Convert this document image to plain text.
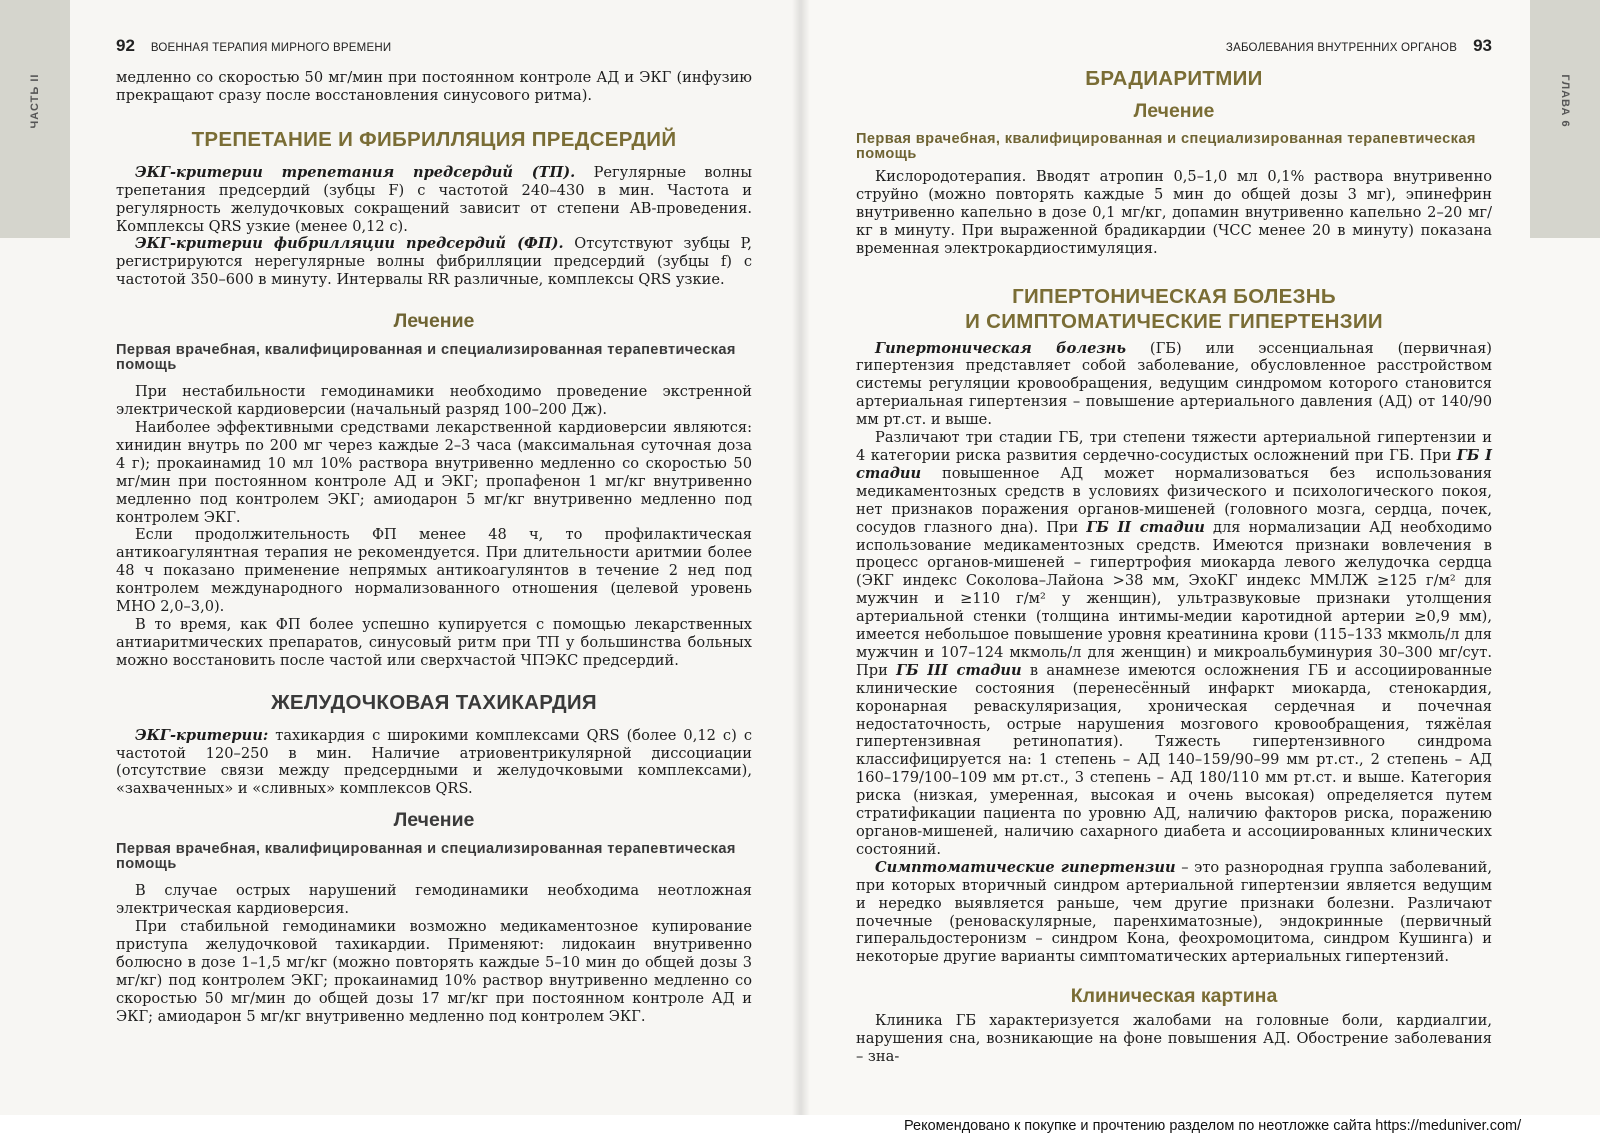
ЧАСТЬ II
92 ВОЕННАЯ ТЕРАПИЯ МИРНОГО ВРЕМЕНИ

медленно со скоростью 50 мг/мин при постоянном контроле АД и ЭКГ (инфузию прекращают сразу после восстановления синусового ритма).

ТРЕПЕТАНИЕ И ФИБРИЛЛЯЦИЯ ПРЕДСЕРДИЙ

ЭКГ-критерии трепетания предсердий (ТП). Регулярные волны трепетания предсердий (зубцы F) с частотой 240–430 в мин. Частота и регулярность желудочковых сокращений зависит от степени АВ-проведения. Комплексы QRS узкие (менее 0,12 с).

ЭКГ-критерии фибрилляции предсердий (ФП). Отсутствуют зубцы P, регистрируются нерегулярные волны фибрилляции предсердий (зубцы f) с частотой 350–600 в минуту. Интервалы RR различные, комплексы QRS узкие.

Лечение
Первая врачебная, квалифицированная и специализированная терапевтическая помощь

При нестабильности гемодинамики необходимо проведение экстренной электрической кардиоверсии (начальный разряд 100–200 Дж).

Наиболее эффективными средствами лекарственной кардиоверсии являются: хинидин внутрь по 200 мг через каждые 2–3 часа (максимальная суточная доза 4 г); прокаинамид 10 мл 10% раствора внутривенно медленно со скоростью 50 мг/мин при постоянном контроле АД и ЭКГ; пропафенон 1 мг/кг внутривенно медленно под контролем ЭКГ; амиодарон 5 мг/кг внутривенно медленно под контролем ЭКГ.

Если продолжительность ФП менее 48 ч, то профилактическая антикоагулянтная терапия не рекомендуется. При длительности аритмии более 48 ч показано применение непрямых антикоагулянтов в течение 2 нед под контролем международного нормализованного отношения (целевой уровень МНО 2,0–3,0).

В то время, как ФП более успешно купируется с помощью лекарственных антиаритмических препаратов, синусовый ритм при ТП у большинства больных можно восстановить после частой или сверхчастой ЧПЭКС предсердий.

ЖЕЛУДОЧКОВАЯ ТАХИКАРДИЯ

ЭКГ-критерии: тахикардия с широкими комплексами QRS (более 0,12 с) с частотой 120–250 в мин. Наличие атриовентрикулярной диссоциации (отсутствие связи между предсердными и желудочковыми комплексами), «захваченных» и «сливных» комплексов QRS.

Лечение
Первая врачебная, квалифицированная и специализированная терапевтическая помощь

В случае острых нарушений гемодинамики необходима неотложная электрическая кардиоверсия.

При стабильной гемодинамики возможно медикаментозное купирование приступа желудочковой тахикардии. Применяют: лидокаин внутривенно болюсно в дозе 1–1,5 мг/кг (можно повторять каждые 5–10 мин до общей дозы 3 мг/кг) под контролем ЭКГ; прокаинамид 10% раствор внутривенно медленно со скоростью 50 мг/мин до общей дозы 17 мг/кг при постоянном контроле АД и ЭКГ; амиодарон 5 мг/кг внутривенно медленно под контролем ЭКГ.

ГЛАВА 6
ЗАБОЛЕВАНИЯ ВНУТРЕННИХ ОРГАНОВ 93
БРАДИАРИТМИИ
Лечение
Первая врачебная, квалифицированная и специализированная терапевтическая помощь

Кислородотерапия. Вводят атропин 0,5–1,0 мл 0,1% раствора внутривенно струйно (можно повторять каждые 5 мин до общей дозы 3 мг), эпинефрин внутривенно капельно в дозе 0,1 мг/кг, допамин внутривенно капельно 2–20 мг/кг в минуту. При выраженной брадикардии (ЧСС менее 20 в минуту) показана временная электрокардиостимуляция.

ГИПЕРТОНИЧЕСКАЯ БОЛЕЗНЬ
И СИМПТОМАТИЧЕСКИЕ ГИПЕРТЕНЗИИ

Гипертоническая болезнь (ГБ) или эссенциальная (первичная) гипертензия представляет собой заболевание, обусловленное расстройством системы регуляции кровообращения, ведущим синдромом которого становится артериальная гипертензия – повышение артериального давления (АД) от 140/90 мм рт.ст. и выше.

Различают три стадии ГБ, три степени тяжести артериальной гипертензии и 4 категории риска развития сердечно-сосудистых осложнений при ГБ. При ГБ I стадии повышенное АД может нормализоваться без использования медикаментозных средств в условиях физического и психологического покоя, нет признаков поражения органов-мишеней (головного мозга, сердца, почек, сосудов глазного дна). При ГБ II стадии для нормализации АД необходимо использование медикаментозных средств. Имеются признаки вовлечения в процесс органов-мишеней – гипертрофия миокарда левого желудочка сердца (ЭКГ индекс Соколова–Лайона >38 мм, ЭхоКГ индекс ММЛЖ ≥125 г/м² для мужчин и ≥110 г/м² у женщин), ультразвуковые признаки утолщения артериальной стенки (толщина интимы-медии каротидной артерии ≥0,9 мм), имеется небольшое повышение уровня креатинина крови (115–133 мкмоль/л для мужчин и 107–124 мкмоль/л для женщин) и микроальбуминурия 30–300 мг/сут. При ГБ III стадии в анамнезе имеются осложнения ГБ и ассоциированные клинические состояния (перенесённый инфаркт миокарда, стенокардия, коронарная реваскуляризация, хроническая сердечная и почечная недостаточность, острые нарушения мозгового кровообращения, тяжёлая гипертензивная ретинопатия). Тяжесть гипертензивного синдрома классифицируется на: 1 степень – АД 140–159/90–99 мм рт.ст., 2 степень – АД 160–179/100–109 мм рт.ст., 3 степень – АД 180/110 мм рт.ст. и выше. Категория риска (низкая, умеренная, высокая и очень высокая) определяется путем стратификации пациента по уровню АД, наличию факторов риска, поражению органов-мишеней, наличию сахарного диабета и ассоциированных клинических состояний.

Симптоматические гипертензии – это разнородная группа заболеваний, при которых вторичный синдром артериальной гипертензии является ведущим и нередко выявляется раньше, чем другие признаки болезни. Различают почечные (реноваскулярные, паренхиматозные), эндокринные (первичный гиперальдостеронизм – синдром Кона, феохромоцитома, синдром Кушинга) и некоторые другие варианты симптоматических артериальных гипертензий.

Клиническая картина

Клиника ГБ характеризуется жалобами на головные боли, кардиалгии, нарушения сна, возникающие на фоне повышения АД. Обострение заболевания – зна-

Рекомендовано к покупке и прочтению разделом по неотложке сайта https://meduniver.com/
